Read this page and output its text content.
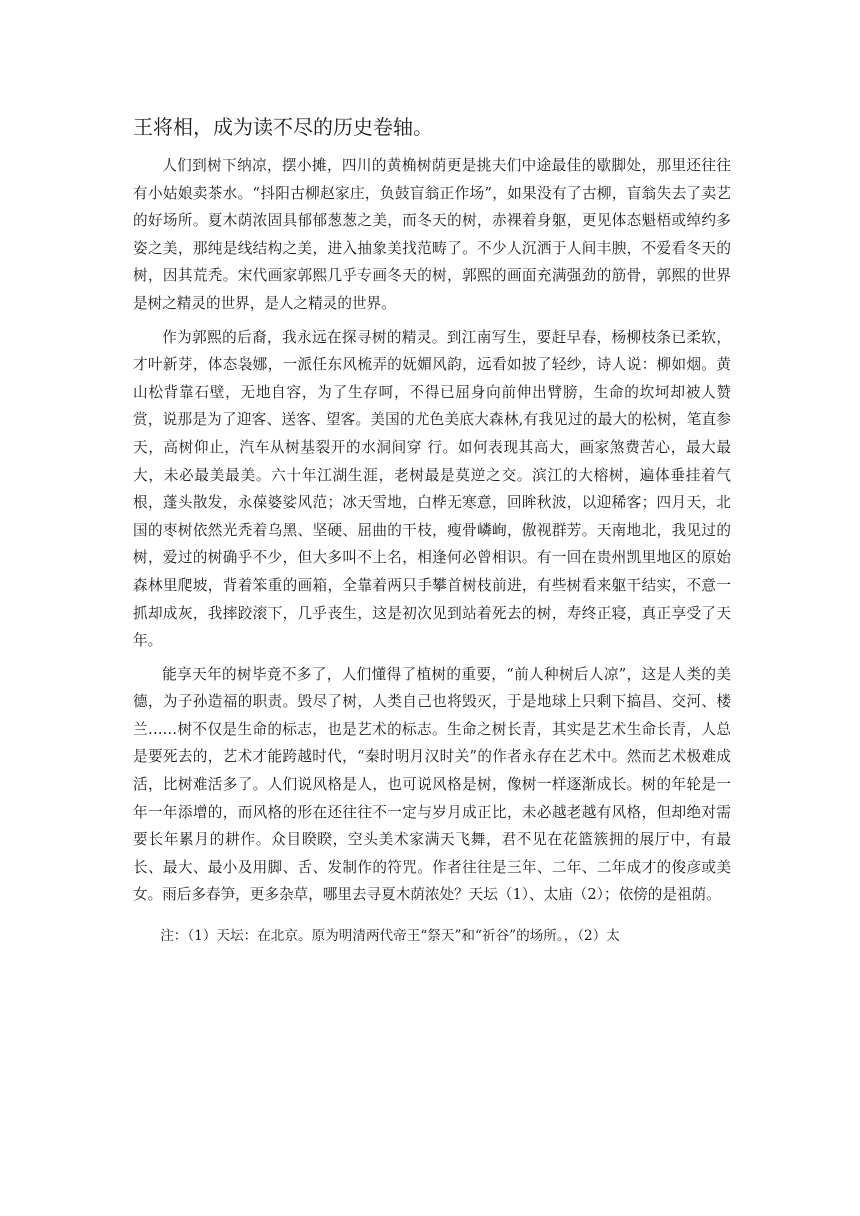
王将相，成为读不尽的历史卷轴。

人们到树下纳凉，摆小摊，四川的黄桷树荫更是挑夫们中途最佳的歇脚处，那里还往往有小姑娘卖茶水。“抖阳古柳赵家庄，负鼓盲翁正作场”，如果没有了古柳，盲翁失去了卖艺的好场所。夏木荫浓固具郁郁葱葱之美，而冬天的树，赤裸着身躯，更见体态魁梧或绰约多姿之美，那纯是线结构之美，进入抽象美找范畴了。不少人沉洒于人间丰腴，不爱看冬天的树，因其荒秃。宋代画家郭熙几乎专画冬天的树，郭熙的画面充满强劲的筋骨，郭熙的世界是树之精灵的世界，是人之精灵的世界。

作为郭熙的后裔，我永远在探寻树的精灵。到江南写生，要赶早春，杨柳枝条已柔软，才叶新芽，体态袅娜，一派任东风梳弄的妩媚风韵，远看如披了轻纱，诗人说：柳如烟。黄山松背靠石壁，无地自容，为了生存呵，不得已屈身向前伸出臂膀，生命的坎坷却被人赞赏，说那是为了迎客、送客、望客。美国的尤色美底大森林,有我见过的最大的松树，笔直参天，高树仰止，汽车从树基裂开的水洞间穿 行。如何表现其高大，画家煞费苦心，最大最大，未必最美最美。六十年江湖生涯，老树最是莫逆之交。滨江的大榕树，遍体垂挂着气根，蓬头散发，永葆婆娑风范；冰天雪地，白桦无寒意，回眸秋波，以迎稀客；四月天，北国的枣树依然光秃着乌黑、坚硬、屈曲的干枝，瘦骨嶙峋，傲视群芳。天南地北，我见过的树，爱过的树确乎不少，但大多叫不上名，相逢何必曾相识。有一回在贵州凯里地区的原始森林里爬坡，背着笨重的画箱，全靠着两只手攀首树枝前进，有些树看来躯干结实，不意一抓却成灰，我摔跤滚下，几乎丧生，这是初次见到站着死去的树，寿终正寝，真正享受了天年。

能享天年的树毕竟不多了，人们懂得了植树的重要，“前人种树后人凉”，这是人类的美德，为子孙造福的职责。毁尽了树，人类自己也将毁灭，于是地球上只剩下搞昌、交河、楼兰……树不仅是生命的标志，也是艺术的标志。生命之树长青，其实是艺术生命长青，人总是要死去的，艺术才能跨越时代，“秦时明月汉时关”的作者永存在艺术中。然而艺术极难成活，比树难活多了。人们说风格是人，也可说风格是树，像树一样逐渐成长。树的年轮是一年一年添增的，而风格的形在还往往不一定与岁月成正比，未必越老越有风格，但却绝对需要长年累月的耕作。众目睽睽，空头美术家满天飞舞，君不见在花篮簇拥的展厅中，有最长、最大、最小及用脚、舌、发制作的符咒。作者往往是三年、二年、二年成才的俊彦或美女。雨后多春笋，更多杂草，哪里去寻夏木荫浓处？天坛（1）、太庙（2）；依傍的是祖荫。

注：（1）天坛：在北京。原为明清两代帝王“祭天”和“祈谷”的场所。，（2）太
